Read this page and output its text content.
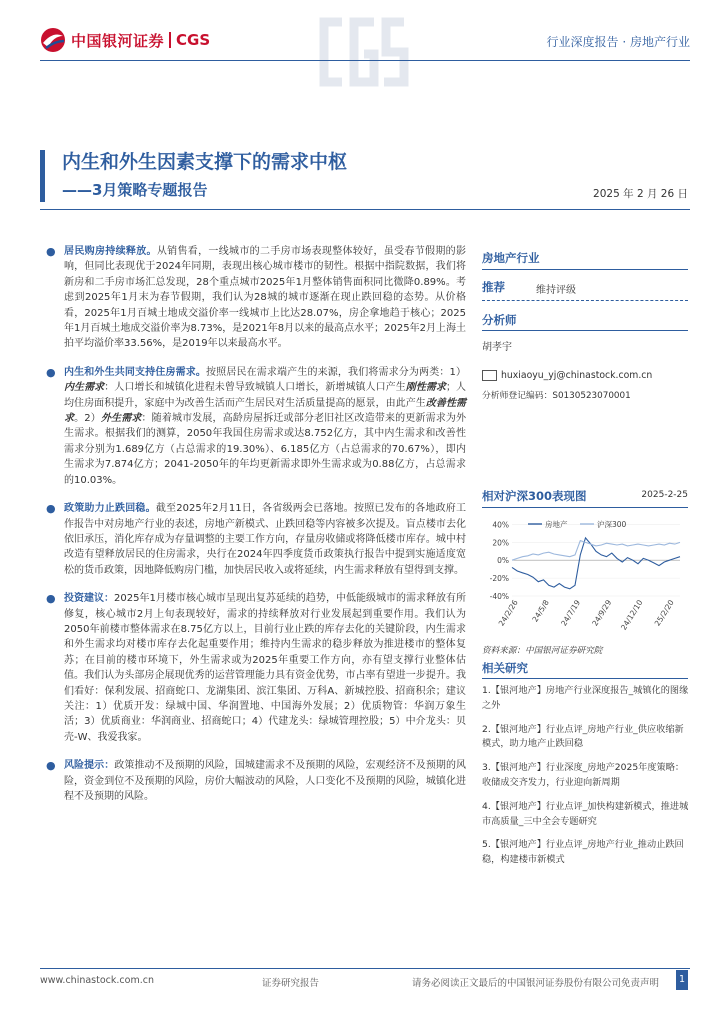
中国银河证券 CGS	行业深度报告 · 房地产行业
内生和外生因素支撑下的需求中枢
——3月策略专题报告	2025 年 2 月 26 日
● 居民购房持续释放。从销售看，一线城市的二手房市场表现整体较好，虽受春节假期的影响，但同比表现优于2024年同期，表现出核心城市楼市的韧性。根据中指院数据，我们将新房和二手房市场汇总发现，28个重点城市2025年1月整体销售面积同比微降0.89%。考虑到2025年1月末为春节假期，我们认为28城的城市逐渐在现止跌回稳的态势。从价格看，2025年1月百城土地成交溢价率一线城市上比达28.07%，房企拿地趋于核心；2025年1月百城土地成交溢价率为8.73%，是2021年8月以来的最高点水平；2025年2月上海土拍平均溢价率33.56%，是2019年以来最高水平。
● 内生和外生共同支持住房需求。按照居民在需求端产生的来源，我们将需求分为两类：1）内生需求：人口增长和城镇化进程未曾导致城镇人口增长，新增城镇人口产生刚性需求；人均住房面积提升，家庭中为改善生活而产生居民对生活质量提高的愿景，由此产生改善性需求。2）外生需求：随着城市发展，高龄房屋拆迁或部分老旧社区改造带来的更新需求为外生需求。根据我们的测算，2050年我国住房需求或达8.752亿方，其中内生需求和改善性需求分别为1.689亿方（占总需求的19.30%）、6.185亿方（占总需求的70.67%），即内生需求为7.874亿方；2041-2050年的年均更新需求即外生需求或为0.88亿方，占总需求的10.03%。
● 政策助力止跌回稳。截至2025年2月11日，各省级两会已落地。按照已发布的各地政府工作报告中对房地产行业的表述，房地产新模式、止跌回稳等内容被多次提及。盲点楼市去化依旧承压，消化库存成为存量调整的主要工作方向，存量房收储或将降低楼市库存。城中村改造有望释放居民的住房需求，央行在2024年四季度货币政策执行报告中提到实施适度宽松的货币政策，因地降低购房门槛，加快居民收入或将延续，内生需求释放有望得到支撑。
● 投资建议：2025年1月楼市核心城市呈现出复苏延续的趋势，中低能级城市的需求释放有所修复，核心城市2月上旬表现较好，需求的持续释放对行业发展起到重要作用。我们认为2050年前楼市整体需求在8.75亿方以上，目前行业止跌的库存去化的关键阶段，内生需求和外生需求均对楼市库存去化起重要作用；维持内生需求的稳步释放为推进楼市的整体复苏；在目前的楼市环境下，外生需求或为2025年重要工作方向，亦有望支撑行业整体估值。我们认为头部房企展现优秀的运营管理能力具有资金优势，市占率有望进一步提升。我们看好：保利发展、招商蛇口、龙湖集团、滨江集团、万科A、新城控股、招商积余；建议关注：1）优质开发：绿城中国、华润置地、中国海外发展；2）优质物管：华润万象生活；3）优质商业：华润商业、招商蛇口；4）代建龙头：绿城管理控股；5）中介龙头：贝壳-W、我爱我家。
● 风险提示：政策推动不及预期的风险，国城建需求不及预期的风险，宏观经济不及预期的风险，资金到位不及预期的风险，房价大幅波动的风险，人口变化不及预期的风险，城镇化进程不及预期的风险。
房地产行业
推荐	维持评级
分析师
胡孝宇
huxiaoyu_yj@chinastock.com.cn
分析师登记编码：S0130523070001
相对沪深300表现图	2025-2-25
40%
20%
0%
-20%
-40%
24/2/26 24/5/8 24/7/19 24/9/29 24/12/10 25/2/20
房地产	沪深300
资料来源：中国银河证券研究院
相关研究
1.【银河地产】房地产行业深度报告_城镇化的图缘之外
2.【银河地产】行业点评_房地产行业_供应收缩新模式，助力地产止跌回稳
3.【银河地产】行业深度_房地产2025年度策略：收储成交齐发力，行业迎向新周期
4.【银河地产】行业点评_加快构建新模式，推进城市高质量_三中全会专题研究
5.【银河地产】行业点评_房地产行业_推动止跌回稳，构建楼市新模式
www.chinastock.com.cn	证券研究报告	请务必阅读正文最后的中国银河证券股份有限公司免责声明	1
